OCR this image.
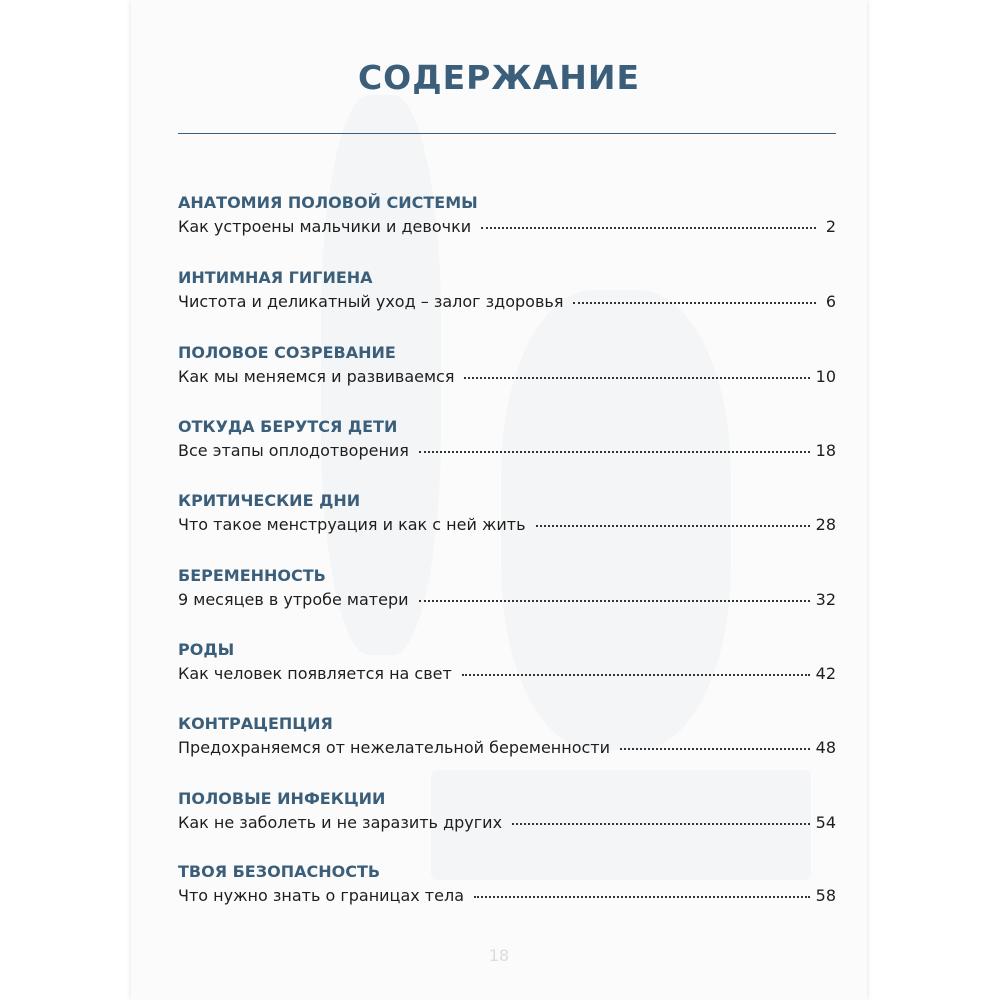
СОДЕРЖАНИЕ
АНАТОМИЯ ПОЛОВОЙ СИСТЕМЫ
Как устроены мальчики и девочки	2
ИНТИМНАЯ ГИГИЕНА
Чистота и деликатный уход – залог здоровья	6
ПОЛОВОЕ СОЗРЕВАНИЕ
Как мы меняемся и развиваемся	10
ОТКУДА БЕРУТСЯ ДЕТИ
Все этапы оплодотворения	18
КРИТИЧЕСКИЕ ДНИ
Что такое менструация и как с ней жить	28
БЕРЕМЕННОСТЬ
9 месяцев в утробе матери	32
РОДЫ
Как человек появляется на свет	42
КОНТРАЦЕПЦИЯ
Предохраняемся от нежелательной беременности	48
ПОЛОВЫЕ ИНФЕКЦИИ
Как не заболеть и не заразить других	54
ТВОЯ БЕЗОПАСНОСТЬ
Что нужно знать о границах тела	58
18
